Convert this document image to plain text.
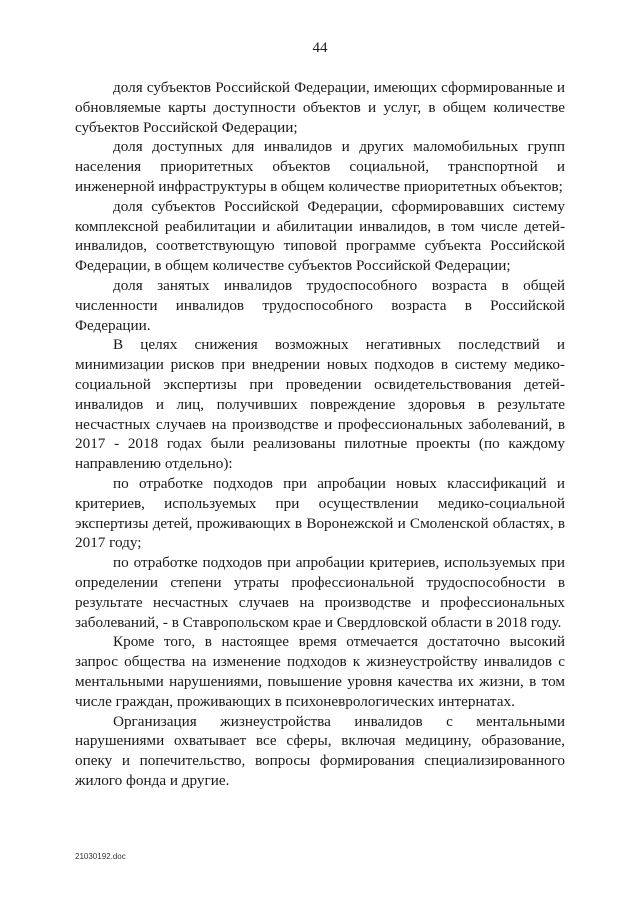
44

доля субъектов Российской Федерации, имеющих сформированные и обновляемые карты доступности объектов и услуг, в общем количестве субъектов Российской Федерации;

доля доступных для инвалидов и других маломобильных групп населения приоритетных объектов социальной, транспортной и инженерной инфраструктуры в общем количестве приоритетных объектов;

доля субъектов Российской Федерации, сформировавших систему комплексной реабилитации и абилитации инвалидов, в том числе детей-инвалидов, соответствующую типовой программе субъекта Российской Федерации, в общем количестве субъектов Российской Федерации;

доля занятых инвалидов трудоспособного возраста в общей численности инвалидов трудоспособного возраста в Российской Федерации.

В целях снижения возможных негативных последствий и минимизации рисков при внедрении новых подходов в систему медико-социальной экспертизы при проведении освидетельствования детей-инвалидов и лиц, получивших повреждение здоровья в результате несчастных случаев на производстве и профессиональных заболеваний, в 2017 - 2018 годах были реализованы пилотные проекты (по каждому направлению отдельно):

по отработке подходов при апробации новых классификаций и критериев, используемых при осуществлении медико-социальной экспертизы детей, проживающих в Воронежской и Смоленской областях, в 2017 году;

по отработке подходов при апробации критериев, используемых при определении степени утраты профессиональной трудоспособности в результате несчастных случаев на производстве и профессиональных заболеваний, - в Ставропольском крае и Свердловской области в 2018 году.

Кроме того, в настоящее время отмечается достаточно высокий запрос общества на изменение подходов к жизнеустройству инвалидов с ментальными нарушениями, повышение уровня качества их жизни, в том числе граждан, проживающих в психоневрологических интернатах.

Организация жизнеустройства инвалидов с ментальными нарушениями охватывает все сферы, включая медицину, образование, опеку и попечительство, вопросы формирования специализированного жилого фонда и другие.

21030192.doc
